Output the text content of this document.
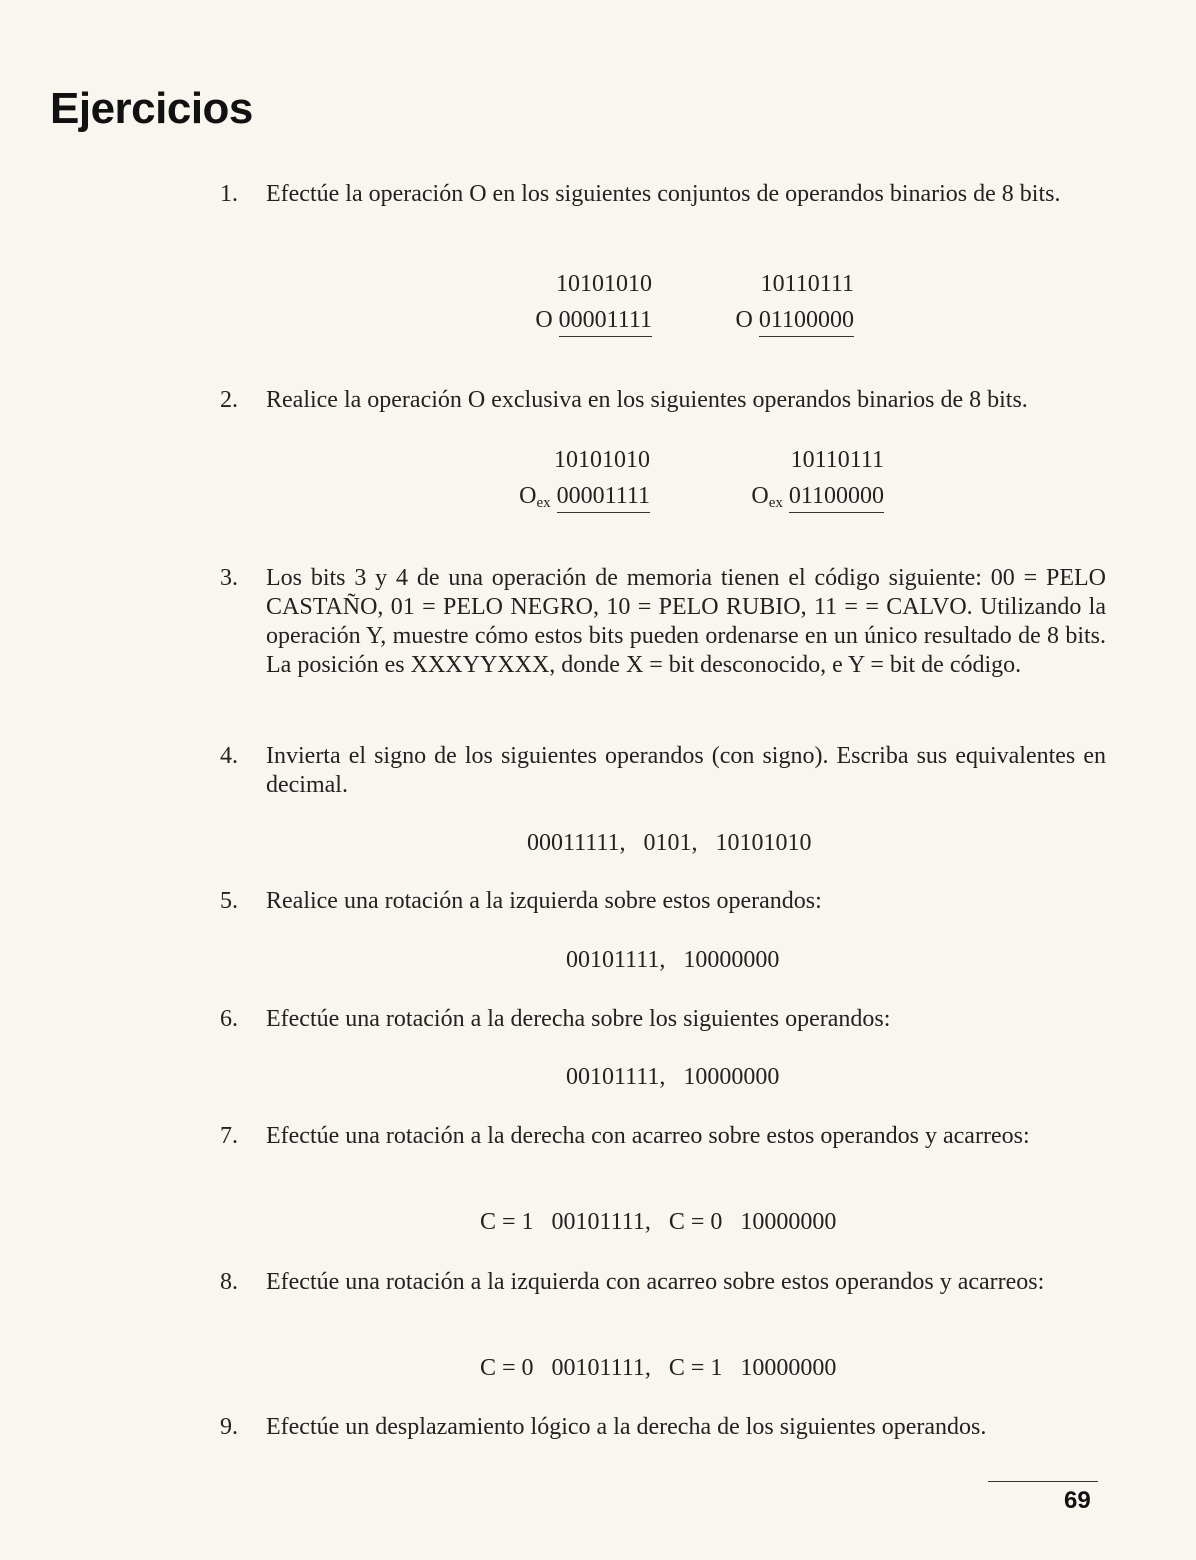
Ejercicios
1.	Efectúe la operación O en los siguientes conjuntos de operandos binarios de 8 bits.
10101010
O 00001111
10110111
O 01100000
2.	Realice la operación O exclusiva en los siguientes operandos binarios de 8 bits.
10101010
$O_{ex}$ 00001111
10110111
$O_{ex}$ 01100000
3.	Los bits 3 y 4 de una operación de memoria tienen el código siguiente: 00 = PELO CASTAÑO, 01 = PELO NEGRO, 10 = PELO RUBIO, 11 = = CALVO. Utilizando la operación Y, muestre cómo estos bits pueden ordenarse en un único resultado de 8 bits. La posición es XXXYYXXX, donde X = bit desconocido, e Y = bit de código.
4.	Invierta el signo de los siguientes operandos (con signo). Escriba sus equivalentes en decimal.
00011111,   0101,   10101010
5.	Realice una rotación a la izquierda sobre estos operandos:
00101111,   10000000
6.	Efectúe una rotación a la derecha sobre los siguientes operandos:
00101111,   10000000
7.	Efectúe una rotación a la derecha con acarreo sobre estos operandos y acarreos:
C = 1   00101111,   C = 0   10000000
8.	Efectúe una rotación a la izquierda con acarreo sobre estos operandos y acarreos:
C = 0   00101111,   C = 1   10000000
9.	Efectúe un desplazamiento lógico a la derecha de los siguientes operandos.
69
